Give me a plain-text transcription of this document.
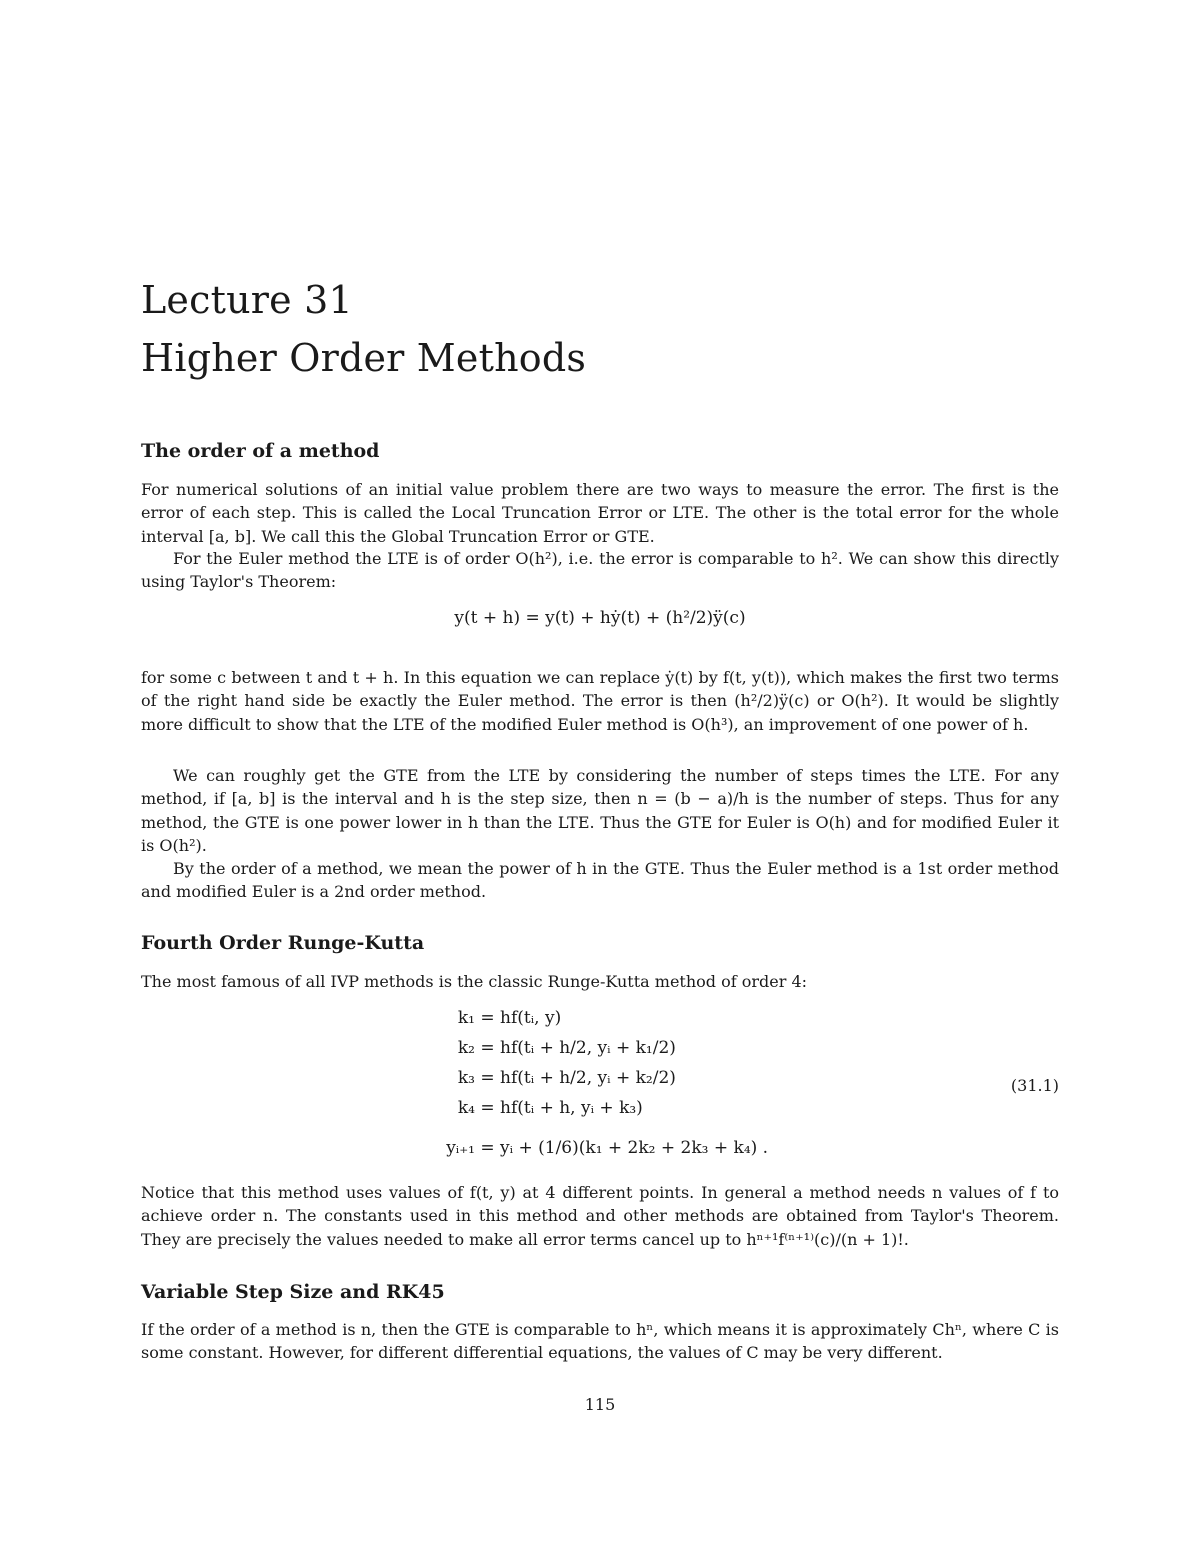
Lecture 31
Higher Order Methods
The order of a method

For numerical solutions of an initial value problem there are two ways to measure the error. The first is the error of each step. This is called the Local Truncation Error or LTE. The other is the total error for the whole interval [a, b]. We call this the Global Truncation Error or GTE.

For the Euler method the LTE is of order O(h²), i.e. the error is comparable to h². We can show this directly using Taylor's Theorem:

y(t + h) = y(t) + hẏ(t) + (h²/2)ÿ(c)

for some c between t and t + h. In this equation we can replace ẏ(t) by f(t, y(t)), which makes the first two terms of the right hand side be exactly the Euler method. The error is then (h²/2)ÿ(c) or O(h²). It would be slightly more difficult to show that the LTE of the modified Euler method is O(h³), an improvement of one power of h.

We can roughly get the GTE from the LTE by considering the number of steps times the LTE. For any method, if [a, b] is the interval and h is the step size, then n = (b − a)/h is the number of steps. Thus for any method, the GTE is one power lower in h than the LTE. Thus the GTE for Euler is O(h) and for modified Euler it is O(h²).

By the order of a method, we mean the power of h in the GTE. Thus the Euler method is a 1st order method and modified Euler is a 2nd order method.

Fourth Order Runge-Kutta

The most famous of all IVP methods is the classic Runge-Kutta method of order 4:

k₁ = hf(tᵢ, y)
k₂ = hf(tᵢ + h/2, yᵢ + k₁/2)
k₃ = hf(tᵢ + h/2, yᵢ + k₂/2)
k₄ = hf(tᵢ + h, yᵢ + k₃)
yᵢ₊₁ = yᵢ + (1/6)(k₁ + 2k₂ + 2k₃ + k₄) .
(31.1)

Notice that this method uses values of f(t, y) at 4 different points. In general a method needs n values of f to achieve order n. The constants used in this method and other methods are obtained from Taylor's Theorem. They are precisely the values needed to make all error terms cancel up to hⁿ⁺¹f⁽ⁿ⁺¹⁾(c)/(n + 1)!.

Variable Step Size and RK45

If the order of a method is n, then the GTE is comparable to hⁿ, which means it is approximately Chⁿ, where C is some constant. However, for different differential equations, the values of C may be very different.

115
